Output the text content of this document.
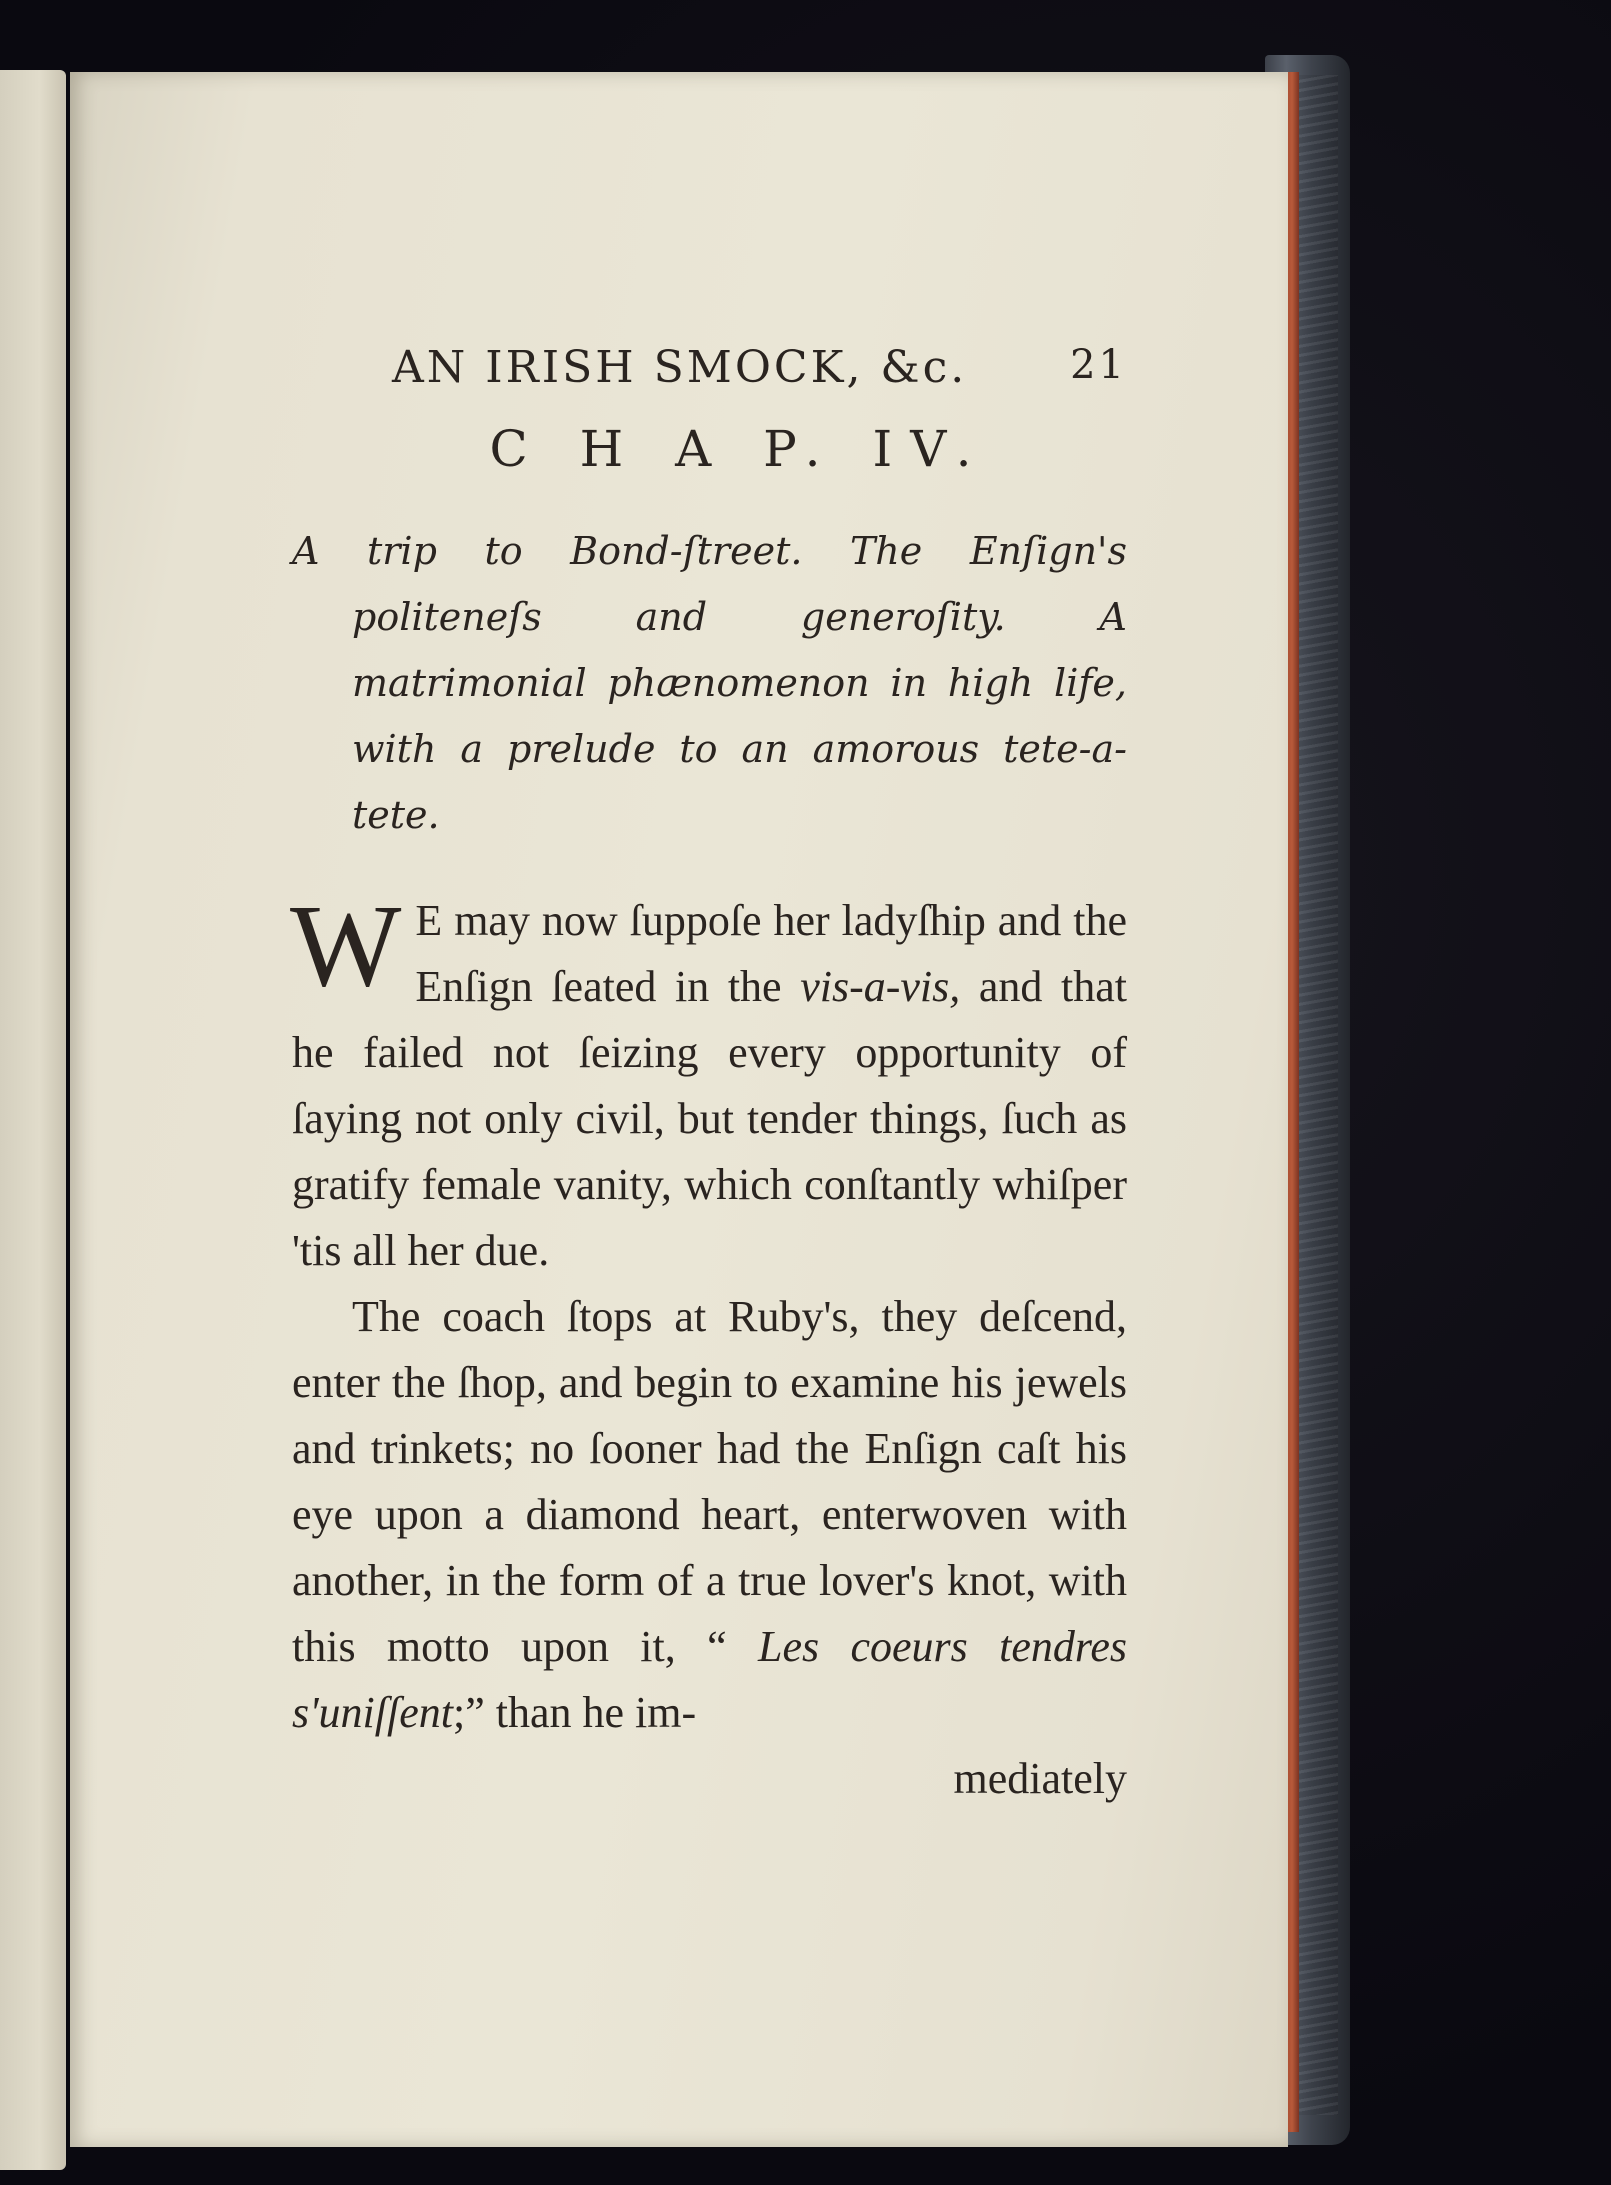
AN IRISH SMOCK, &c.	21
C H A P. IV.
A trip to Bond-ſtreet. The Enſign's politeneſs and generoſity. A matrimonial phænomenon in high life, with a prelude to an amorous tete-a-tete.

W E may now ſuppoſe her ladyſhip and the Enſign ſeated in the vis-a-vis, and that he failed not ſeizing every opportunity of ſaying not only civil, but tender things, ſuch as gratify female vanity, which conſtantly whiſper 'tis all her due.

The coach ſtops at Ruby's, they deſcend, enter the ſhop, and begin to examine his jewels and trinkets; no ſooner had the Enſign caſt his eye upon a diamond heart, enterwoven with another, in the form of a true lover's knot, with this motto upon it, “ Les coeurs tendres s'uniſſent;” than he im-

mediately
